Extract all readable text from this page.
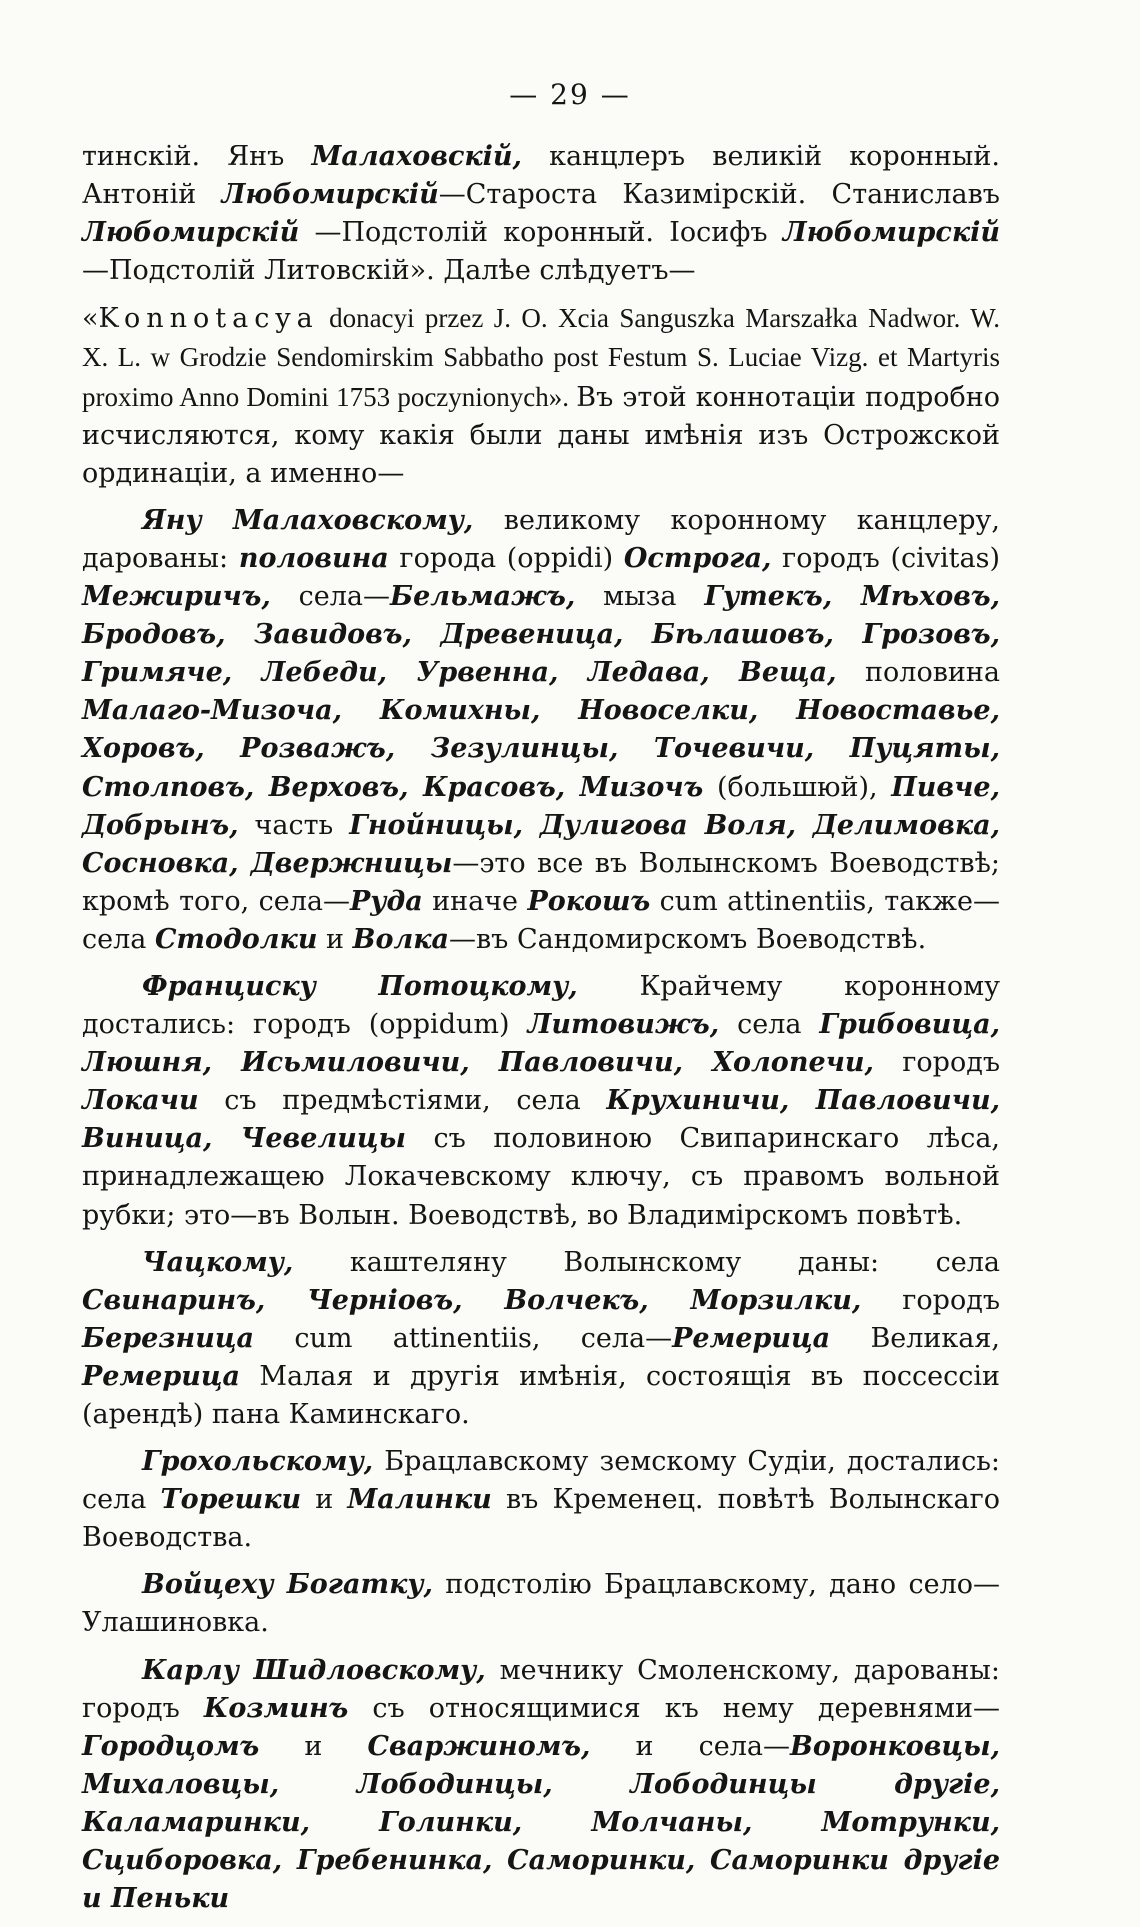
— 29 —

тинскій. Янъ Малаховскій, канцлеръ великій коронный. Антоній Любомирскій—Староста Казимірскій. Станиславъ Любомирскій —Подстолій коронный. Іосифъ Любомирскій—Подстолій Литовскій». Далѣе слѣдуетъ—

«Konnotacya donacyi przez J. O. Xcia Sanguszka Marszałka Nadwor. W. X. L. w Grodzie Sendomirskim Sabbatho post Festum S. Luciae Vizg. et Martyris proximo Anno Domini 1753 poczynionych». Въ этой коннотаціи подробно исчисляются, кому какія были даны имѣнія изъ Острожской ординаціи, а именно—

Яну Малаховскому, великому коронному канцлеру, дарованы: половина города (oppidi) Острога, городъ (civitas) Межиричъ, села—Бельмажъ, мыза Гутекъ, Мѣховъ, Бродовъ, Завидовъ, Древеница, Бѣлашовъ, Грозовъ, Гримяче, Лебеди, Урвенна, Ледава, Веща, половина Малаго-Мизоча, Комихны, Новоселки, Новоставье, Хоровъ, Розважъ, Зезулинцы, Точевичи, Пуцяты, Столповъ, Верховъ, Красовъ, Мизочъ (большюй), Пивче, Добрынъ, часть Гнойницы, Дулигова Воля, Делимовка, Сосновка, Двержницы—это все въ Волынскомъ Воеводствѣ; кромѣ того, села—Руда иначе Рокошъ cum attinentiis, также—села Стодолки и Волка—въ Сандомирскомъ Воеводствѣ.

Франциску Потоцкому, Крайчему коронному достались: городъ (oppidum) Литовижъ, села Грибовица, Люшня, Исьмиловичи, Павловичи, Холопечи, городъ Локачи съ предмѣстіями, села Крухиничи, Павловичи, Виница, Чевелицы съ половиною Свипаринскаго лѣса, принадлежащею Локачевскому ключу, съ правомъ вольной рубки; это—въ Волын. Воеводствѣ, во Владимірскомъ повѣтѣ.

Чацкому, каштеляну Волынскому даны: села Свинаринъ, Черніовъ, Волчекъ, Морзилки, городъ Березница cum attinentiis, села—Ремерица Великая, Ремерица Малая и другія имѣнія, состоящія въ поссессіи (арендѣ) пана Каминскаго.

Грохольскому, Брацлавскому земскому Судіи, достались: села Торешки и Малинки въ Кременец. повѣтѣ Волынскаго Воеводства.

Войцеху Богатку, подстолію Брацлавскому, дано село—Улашиновка.

Карлу Шидловскому, мечнику Смоленскому, дарованы: городъ Козминъ съ относящимися къ нему деревнями—Городцомъ и Сваржиномъ, и села—Воронковцы, Михаловцы, Лободинцы, Лободинцы другіе, Каламаринки, Голинки, Молчаны, Мотрунки, Сциборовка, Гребенинка, Саморинки, Саморинки другіе и Пеньки
